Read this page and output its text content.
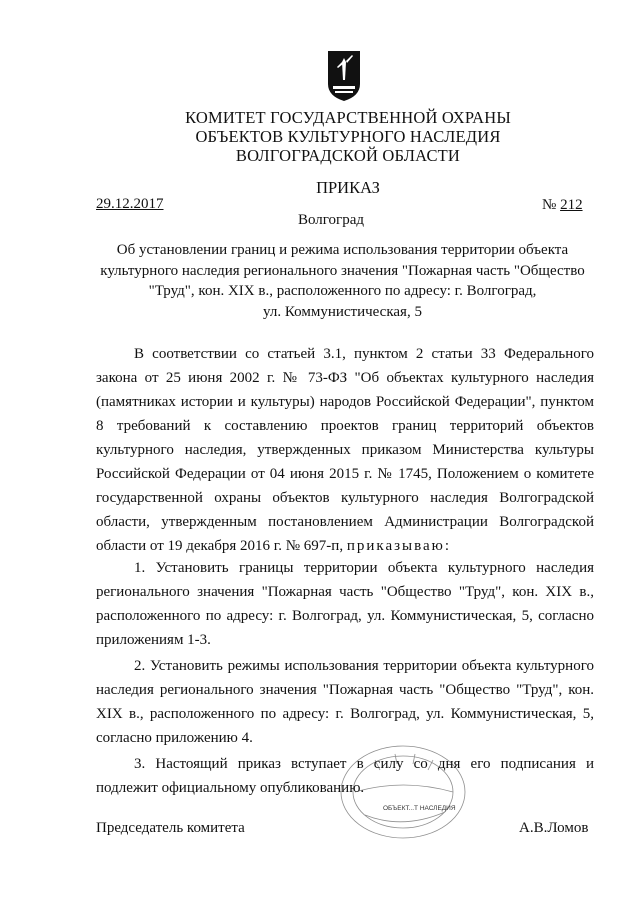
КОМИТЕТ ГОСУДАРСТВЕННОЙ ОХРАНЫ
ОБЪЕКТОВ КУЛЬТУРНОГО НАСЛЕДИЯ
ВОЛГОГРАДСКОЙ ОБЛАСТИ
ПРИКАЗ
29.12.2017	№ 212
Волгоград
Об установлении границ и режима использования территории объекта
культурного наследия регионального значения "Пожарная часть "Общество
"Труд", кон. XIX в., расположенного по адресу: г. Волгоград,
ул. Коммунистическая, 5
В соответствии со статьей 3.1, пунктом 2 статьи 33 Федерального
закона от 25 июня 2002 г. № 73-ФЗ "Об объектах культурного наследия
(памятниках истории и культуры) народов Российской Федерации", пунктом
8 требований к составлению проектов границ территорий объектов
культурного наследия, утвержденных приказом Министерства культуры
Российской Федерации от 04 июня 2015 г. № 1745, Положением о комитете
государственной охраны объектов культурного наследия Волгоградской
области, утвержденным постановлением Администрации Волгоградской
области от 19 декабря 2016 г. № 697-п, приказываю:
1. Установить границы территории объекта культурного наследия
регионального значения "Пожарная часть "Общество "Труд", кон. XIX в.,
расположенного по адресу: г. Волгоград, ул. Коммунистическая, 5, согласно
приложениям 1-3.
2. Установить режимы использования территории объекта культурного
наследия регионального значения "Пожарная часть "Общество "Труд", кон.
XIX в., расположенного по адресу: г. Волгоград, ул. Коммунистическая, 5,
согласно приложению 4.
3. Настоящий приказ вступает в силу со дня его подписания и
подлежит официальному опубликованию.
ОБЪЕКТ...Т НАСЛЕДИЯ
Председатель комитета	А.В.Ломов
